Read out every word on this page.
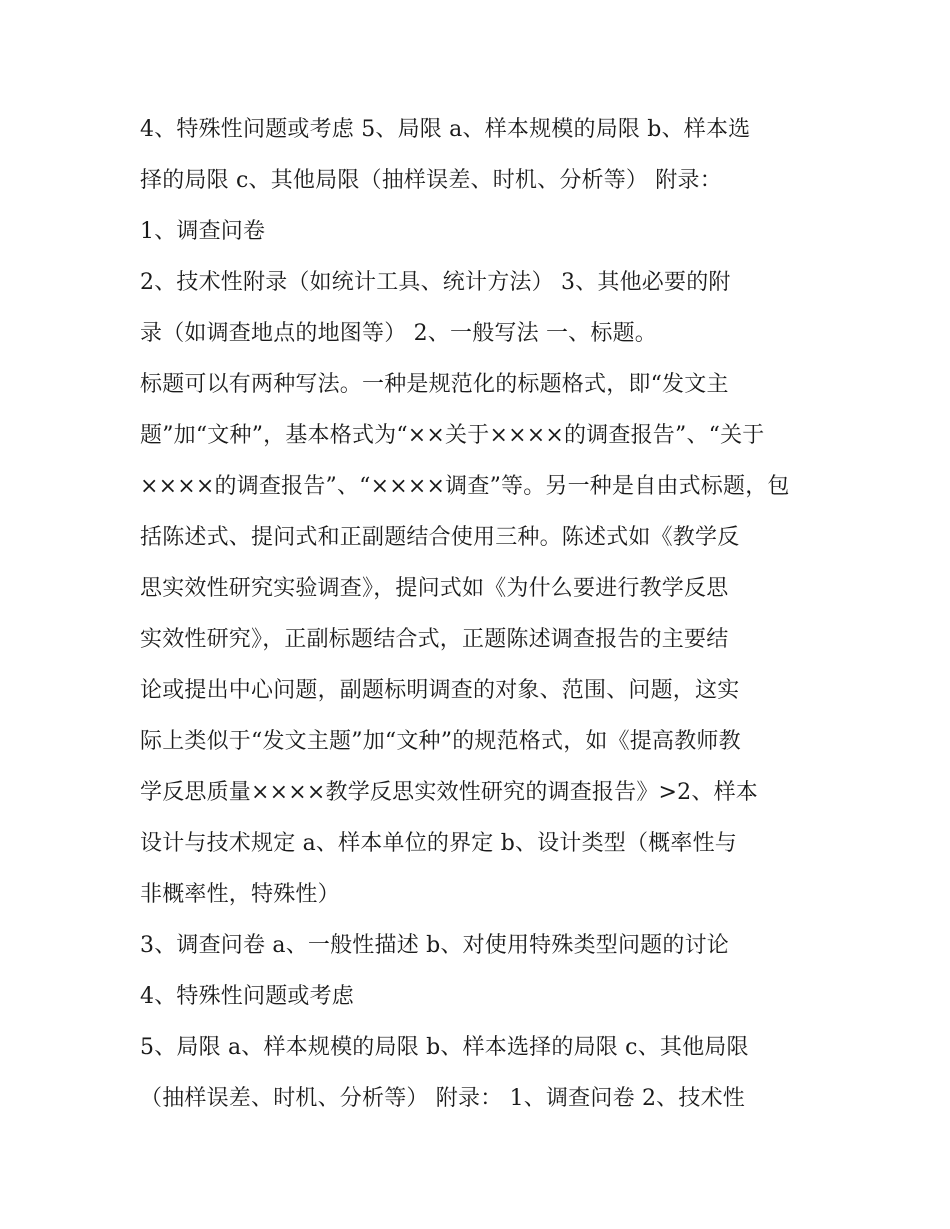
4、特殊性问题或考虑 5、局限 a、样本规模的局限 b、样本选
择的局限 c、其他局限（抽样误差、时机、分析等） 附录：
1、调查问卷
2、技术性附录（如统计工具、统计方法） 3、其他必要的附
录（如调查地点的地图等） 2、一般写法 一、标题。
标题可以有两种写法。一种是规范化的标题格式，即“发文主
题”加“文种”，基本格式为“××关于××××的调查报告”、“关于
××××的调查报告”、“××××调查”等。另一种是自由式标题，包
括陈述式、提问式和正副题结合使用三种。陈述式如《教学反
思实效性研究实验调查》，提问式如《为什么要进行教学反思
实效性研究》，正副标题结合式，正题陈述调查报告的主要结
论或提出中心问题，副题标明调查的对象、范围、问题，这实
际上类似于“发文主题”加“文种”的规范格式，如《提高教师教
学反思质量××××教学反思实效性研究的调查报告》>2、样本
设计与技术规定 a、样本单位的界定 b、设计类型（概率性与
非概率性，特殊性）
3、调查问卷 a、一般性描述 b、对使用特殊类型问题的讨论
4、特殊性问题或考虑
5、局限 a、样本规模的局限 b、样本选择的局限 c、其他局限
（抽样误差、时机、分析等） 附录： 1、调查问卷 2、技术性
